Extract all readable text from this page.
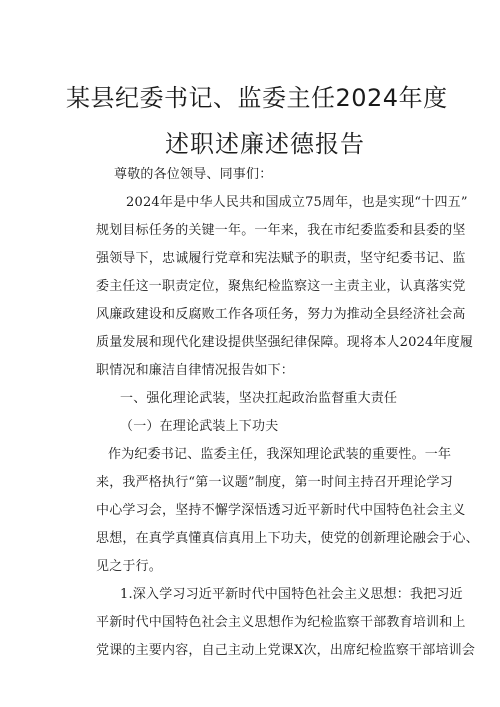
某县纪委书记、监委主任2024年度
述职述廉述德报告
尊敬的各位领导、同事们：
2024年是中华人民共和国成立75周年，也是实现“十四五”
规划目标任务的关键一年。一年来，我在市纪委监委和县委的坚
强领导下，忠诚履行党章和宪法赋予的职责，坚守纪委书记、监
委主任这一职责定位，聚焦纪检监察这一主责主业，认真落实党
风廉政建设和反腐败工作各项任务，努力为推动全县经济社会高
质量发展和现代化建设提供坚强纪律保障。现将本人2024年度履
职情况和廉洁自律情况报告如下：
一、强化理论武装，坚决扛起政治监督重大责任
（一）在理论武装上下功夫
作为纪委书记、监委主任，我深知理论武装的重要性。一年
来，我严格执行“第一议题”制度，第一时间主持召开理论学习
中心学习会，坚持不懈学深悟透习近平新时代中国特色社会主义
思想，在真学真懂真信真用上下功夫，使党的创新理论融会于心、
见之于行。
1.深入学习习近平新时代中国特色社会主义思想：我把习近
平新时代中国特色社会主义思想作为纪检监察干部教育培训和上
党课的主要内容，自己主动上党课X次，出席纪检监察干部培训会
